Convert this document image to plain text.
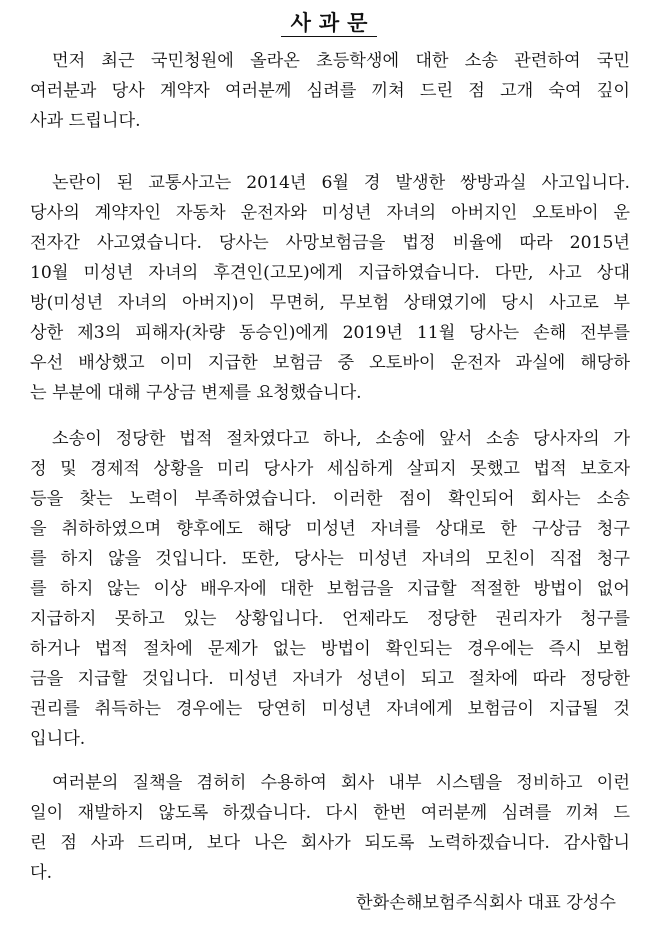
사과문
먼저 최근 국민청원에 올라온 초등학생에 대한 소송 관련하여 국민
여러분과 당사 계약자 여러분께 심려를 끼쳐 드린 점 고개 숙여 깊이
사과 드립니다.
논란이 된 교통사고는 2014년 6월 경 발생한 쌍방과실 사고입니다.
당사의 계약자인 자동차 운전자와 미성년 자녀의 아버지인 오토바이 운
전자간 사고였습니다. 당사는 사망보험금을 법정 비율에 따라 2015년
10월 미성년 자녀의 후견인(고모)에게 지급하였습니다. 다만, 사고 상대
방(미성년 자녀의 아버지)이 무면허, 무보험 상태였기에 당시 사고로 부
상한 제3의 피해자(차량 동승인)에게 2019년 11월 당사는 손해 전부를
우선 배상했고 이미 지급한 보험금 중 오토바이 운전자 과실에 해당하
는 부분에 대해 구상금 변제를 요청했습니다.
소송이 정당한 법적 절차였다고 하나, 소송에 앞서 소송 당사자의 가
정 및 경제적 상황을 미리 당사가 세심하게 살피지 못했고 법적 보호자
등을 찾는 노력이 부족하였습니다. 이러한 점이 확인되어 회사는 소송
을 취하하였으며 향후에도 해당 미성년 자녀를 상대로 한 구상금 청구
를 하지 않을 것입니다. 또한, 당사는 미성년 자녀의 모친이 직접 청구
를 하지 않는 이상 배우자에 대한 보험금을 지급할 적절한 방법이 없어
지급하지 못하고 있는 상황입니다. 언제라도 정당한 권리자가 청구를
하거나 법적 절차에 문제가 없는 방법이 확인되는 경우에는 즉시 보험
금을 지급할 것입니다. 미성년 자녀가 성년이 되고 절차에 따라 정당한
권리를 취득하는 경우에는 당연히 미성년 자녀에게 보험금이 지급될 것
입니다.
여러분의 질책을 겸허히 수용하여 회사 내부 시스템을 정비하고 이런
일이 재발하지 않도록 하겠습니다. 다시 한번 여러분께 심려를 끼쳐 드
린 점 사과 드리며, 보다 나은 회사가 되도록 노력하겠습니다. 감사합니
다.
한화손해보험주식회사 대표 강성수
